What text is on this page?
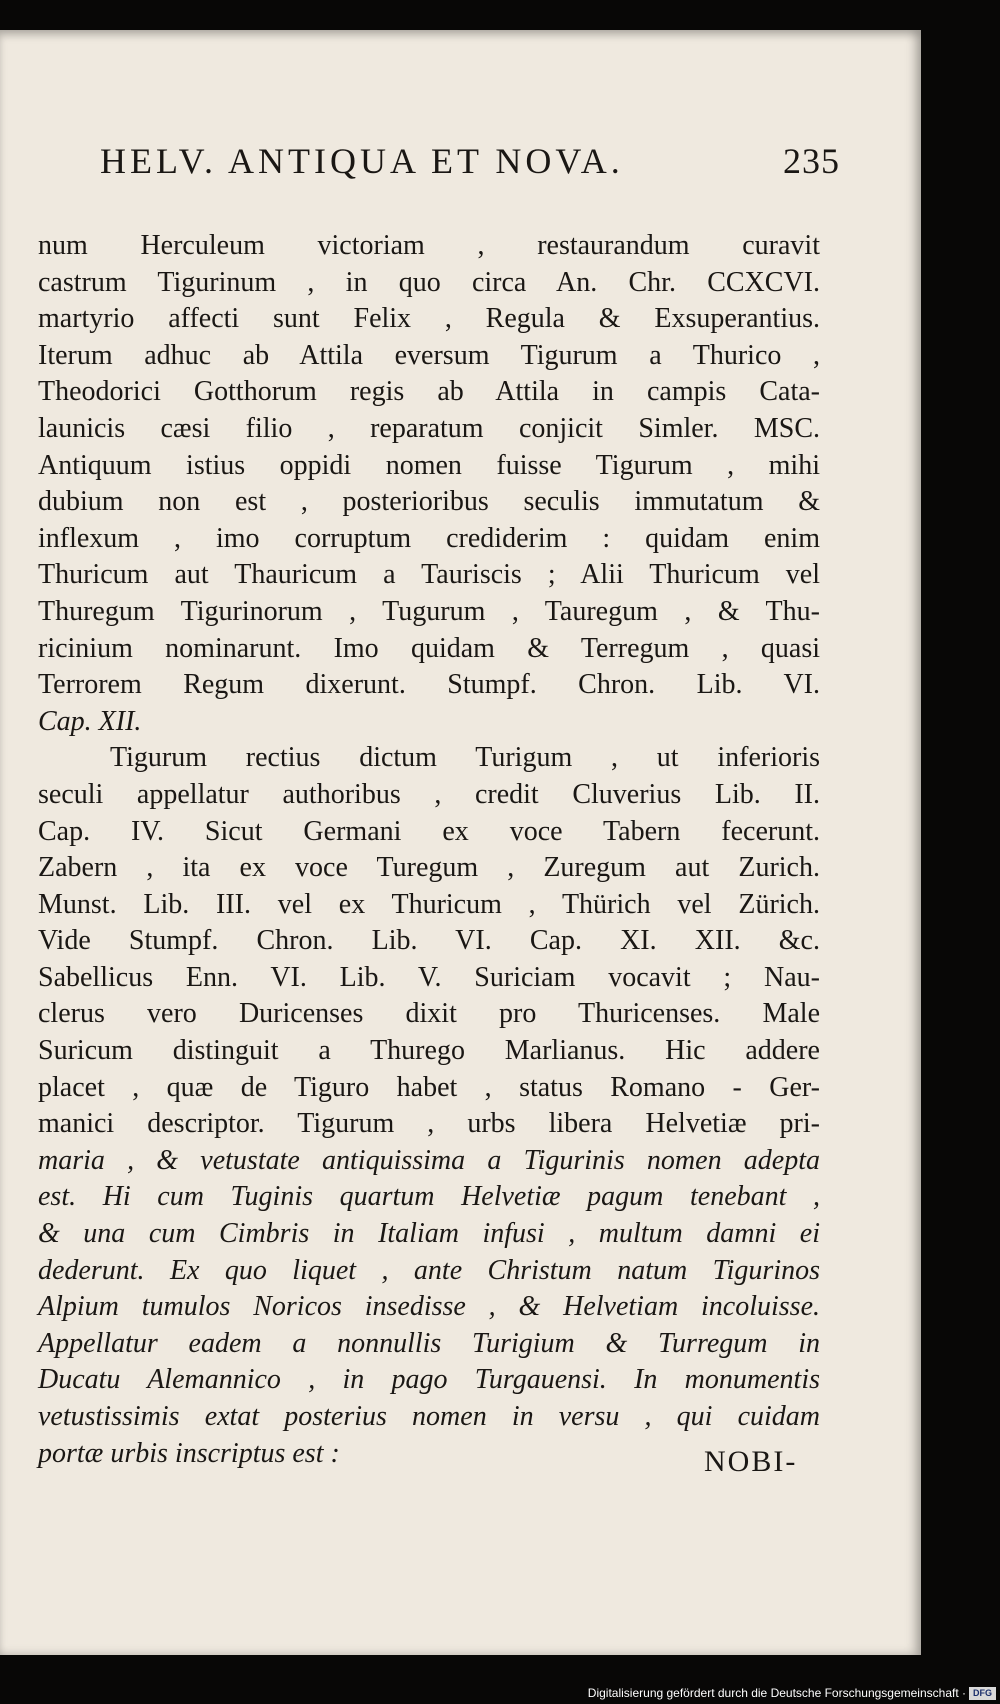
HELV. ANTIQUA ET NOVA.	235
num Herculeum victoriam , restaurandum curavit
castrum Tigurinum , in quo circa An. Chr. CCXCVI.
martyrio affecti sunt Felix , Regula & Exsuperantius.
Iterum adhuc ab Attila eversum Tigurum a Thurico ,
Theodorici Gotthorum regis ab Attila in campis Cata-
launicis cæsi filio , reparatum conjicit Simler. MSC.
Antiquum istius oppidi nomen fuisse Tigurum , mihi
dubium non est , posterioribus seculis immutatum &
inflexum , imo corruptum crediderim : quidam enim
Thuricum aut Thauricum a Tauriscis ; Alii Thuricum vel
Thuregum Tigurinorum , Tugurum , Tauregum , & Thu-
ricinium nominarunt. Imo quidam & Terregum , quasi
Terrorem Regum dixerunt. Stumpf. Chron. Lib. VI.
Cap. XII.
Tigurum rectius dictum Turigum , ut inferioris
seculi appellatur authoribus , credit Cluverius Lib. II.
Cap. IV. Sicut Germani ex voce Tabern fecerunt.
Zabern , ita ex voce Turegum , Zuregum aut Zurich.
Munst. Lib. III. vel ex Thuricum , Thürich vel Zürich.
Vide Stumpf. Chron. Lib. VI. Cap. XI. XII. &c.
Sabellicus Enn. VI. Lib. V. Suriciam vocavit ; Nau-
clerus vero Duricenses dixit pro Thuricenses. Male
Suricum distinguit a Thurego Marlianus. Hic addere
placet , quæ de Tiguro habet , status Romano - Ger-
manici descriptor. Tigurum , urbs libera Helvetiæ pri-
maria , & vetustate antiquissima a Tigurinis nomen adepta
est. Hi cum Tuginis quartum Helvetiæ pagum tenebant ,
& una cum Cimbris in Italiam infusi , multum damni ei
dederunt. Ex quo liquet , ante Christum natum Tigurinos
Alpium tumulos Noricos insedisse , & Helvetiam incoluisse.
Appellatur eadem a nonnullis Turigium & Turregum in
Ducatu Alemannico , in pago Turgauensi. In monumentis
vetustissimis extat posterius nomen in versu , qui cuidam
portæ urbis inscriptus est :	NOBI-
Digitalisierung gefördert durch die Deutsche Forschungsgemeinschaft · DFG
